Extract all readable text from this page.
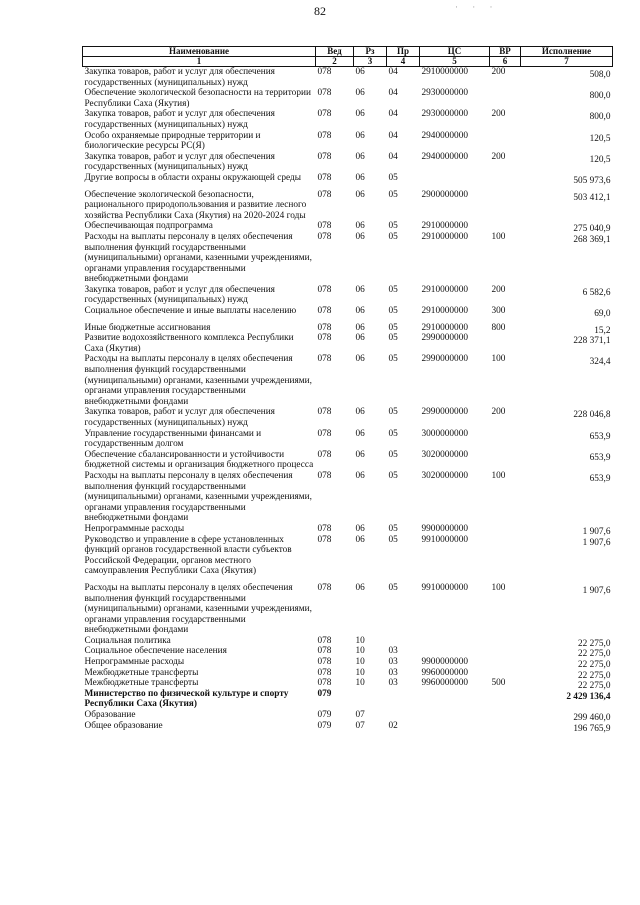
82	· · ·
Наименование	Вед	Рз	Пр	ЦС	ВР	Исполнение
1	2	3	4	5	6	7
Закупка товаров, работ и услуг для обеспечения государственных (муниципальных) нужд	078	06	04	2910000000	200	508,0
Обеспечение экологической безопасности на территории Республики Саха (Якутия)	078	06	04	2930000000		800,0
Закупка товаров, работ и услуг для обеспечения государственных (муниципальных) нужд	078	06	04	2930000000	200	800,0
Особо охраняемые природные территории и биологические ресурсы РС(Я)	078	06	04	2940000000		120,5
Закупка товаров, работ и услуг для обеспечения государственных (муниципальных) нужд	078	06	04	2940000000	200	120,5
Другие вопросы в области охраны окружающей среды	078	06	05			505 973,6

Обеспечение экологической безопасности, рационального природопользования и развитие лесного хозяйства Республики Саха (Якутия) на 2020-2024 годы	078	06	05	2900000000		503 412,1
Обеспечивающая подпрограмма	078	06	05	2910000000		275 040,9
Расходы на выплаты персоналу в целях обеспечения выполнения функций государственными (муниципальными) органами, казенными учреждениями, органами управления государственными внебюджетными фондами	078	06	05	2910000000	100	268 369,1
Закупка товаров, работ и услуг для обеспечения государственных (муниципальных) нужд	078	06	05	2910000000	200	6 582,6
Социальное обеспечение и иные выплаты населению	078	06	05	2910000000	300	69,0

Иные бюджетные ассигнования	078	06	05	2910000000	800	15,2
Развитие водохозяйственного комплекса Республики Саха (Якутия)	078	06	05	2990000000		228 371,1
Расходы на выплаты персоналу в целях обеспечения выполнения функций государственными (муниципальными) органами, казенными учреждениями, органами управления государственными внебюджетными фондами	078	06	05	2990000000	100	324,4
Закупка товаров, работ и услуг для обеспечения государственных (муниципальных) нужд	078	06	05	2990000000	200	228 046,8
Управление государственными финансами и государственным долгом	078	06	05	3000000000		653,9
Обеспечение сбалансированности и устойчивости бюджетной системы и организация бюджетного процесса	078	06	05	3020000000		653,9
Расходы на выплаты персоналу в целях обеспечения выполнения функций государственными (муниципальными) органами, казенными учреждениями, органами управления государственными внебюджетными фондами	078	06	05	3020000000	100	653,9
Непрограммные расходы	078	06	05	9900000000		1 907,6
Руководство и управление в сфере установленных функций органов государственной власти субъектов Российской Федерации, органов местного самоуправления Республики Саха (Якутия)	078	06	05	9910000000		1 907,6

Расходы на выплаты персоналу в целях обеспечения выполнения функций государственными (муниципальными) органами, казенными учреждениями, органами управления государственными внебюджетными фондами	078	06	05	9910000000	100	1 907,6
Социальная политика	078	10				22 275,0
Социальное обеспечение населения	078	10	03			22 275,0
Непрограммные расходы	078	10	03	9900000000		22 275,0
Межбюджетные трансферты	078	10	03	9960000000		22 275,0
Межбюджетные трансферты	078	10	03	9960000000	500	22 275,0
Министерство по физической культуре и спорту Республики Саха (Якутия)	079					2 429 136,4
Образование	079	07				299 460,0
Общее образование	079	07	02			196 765,9
